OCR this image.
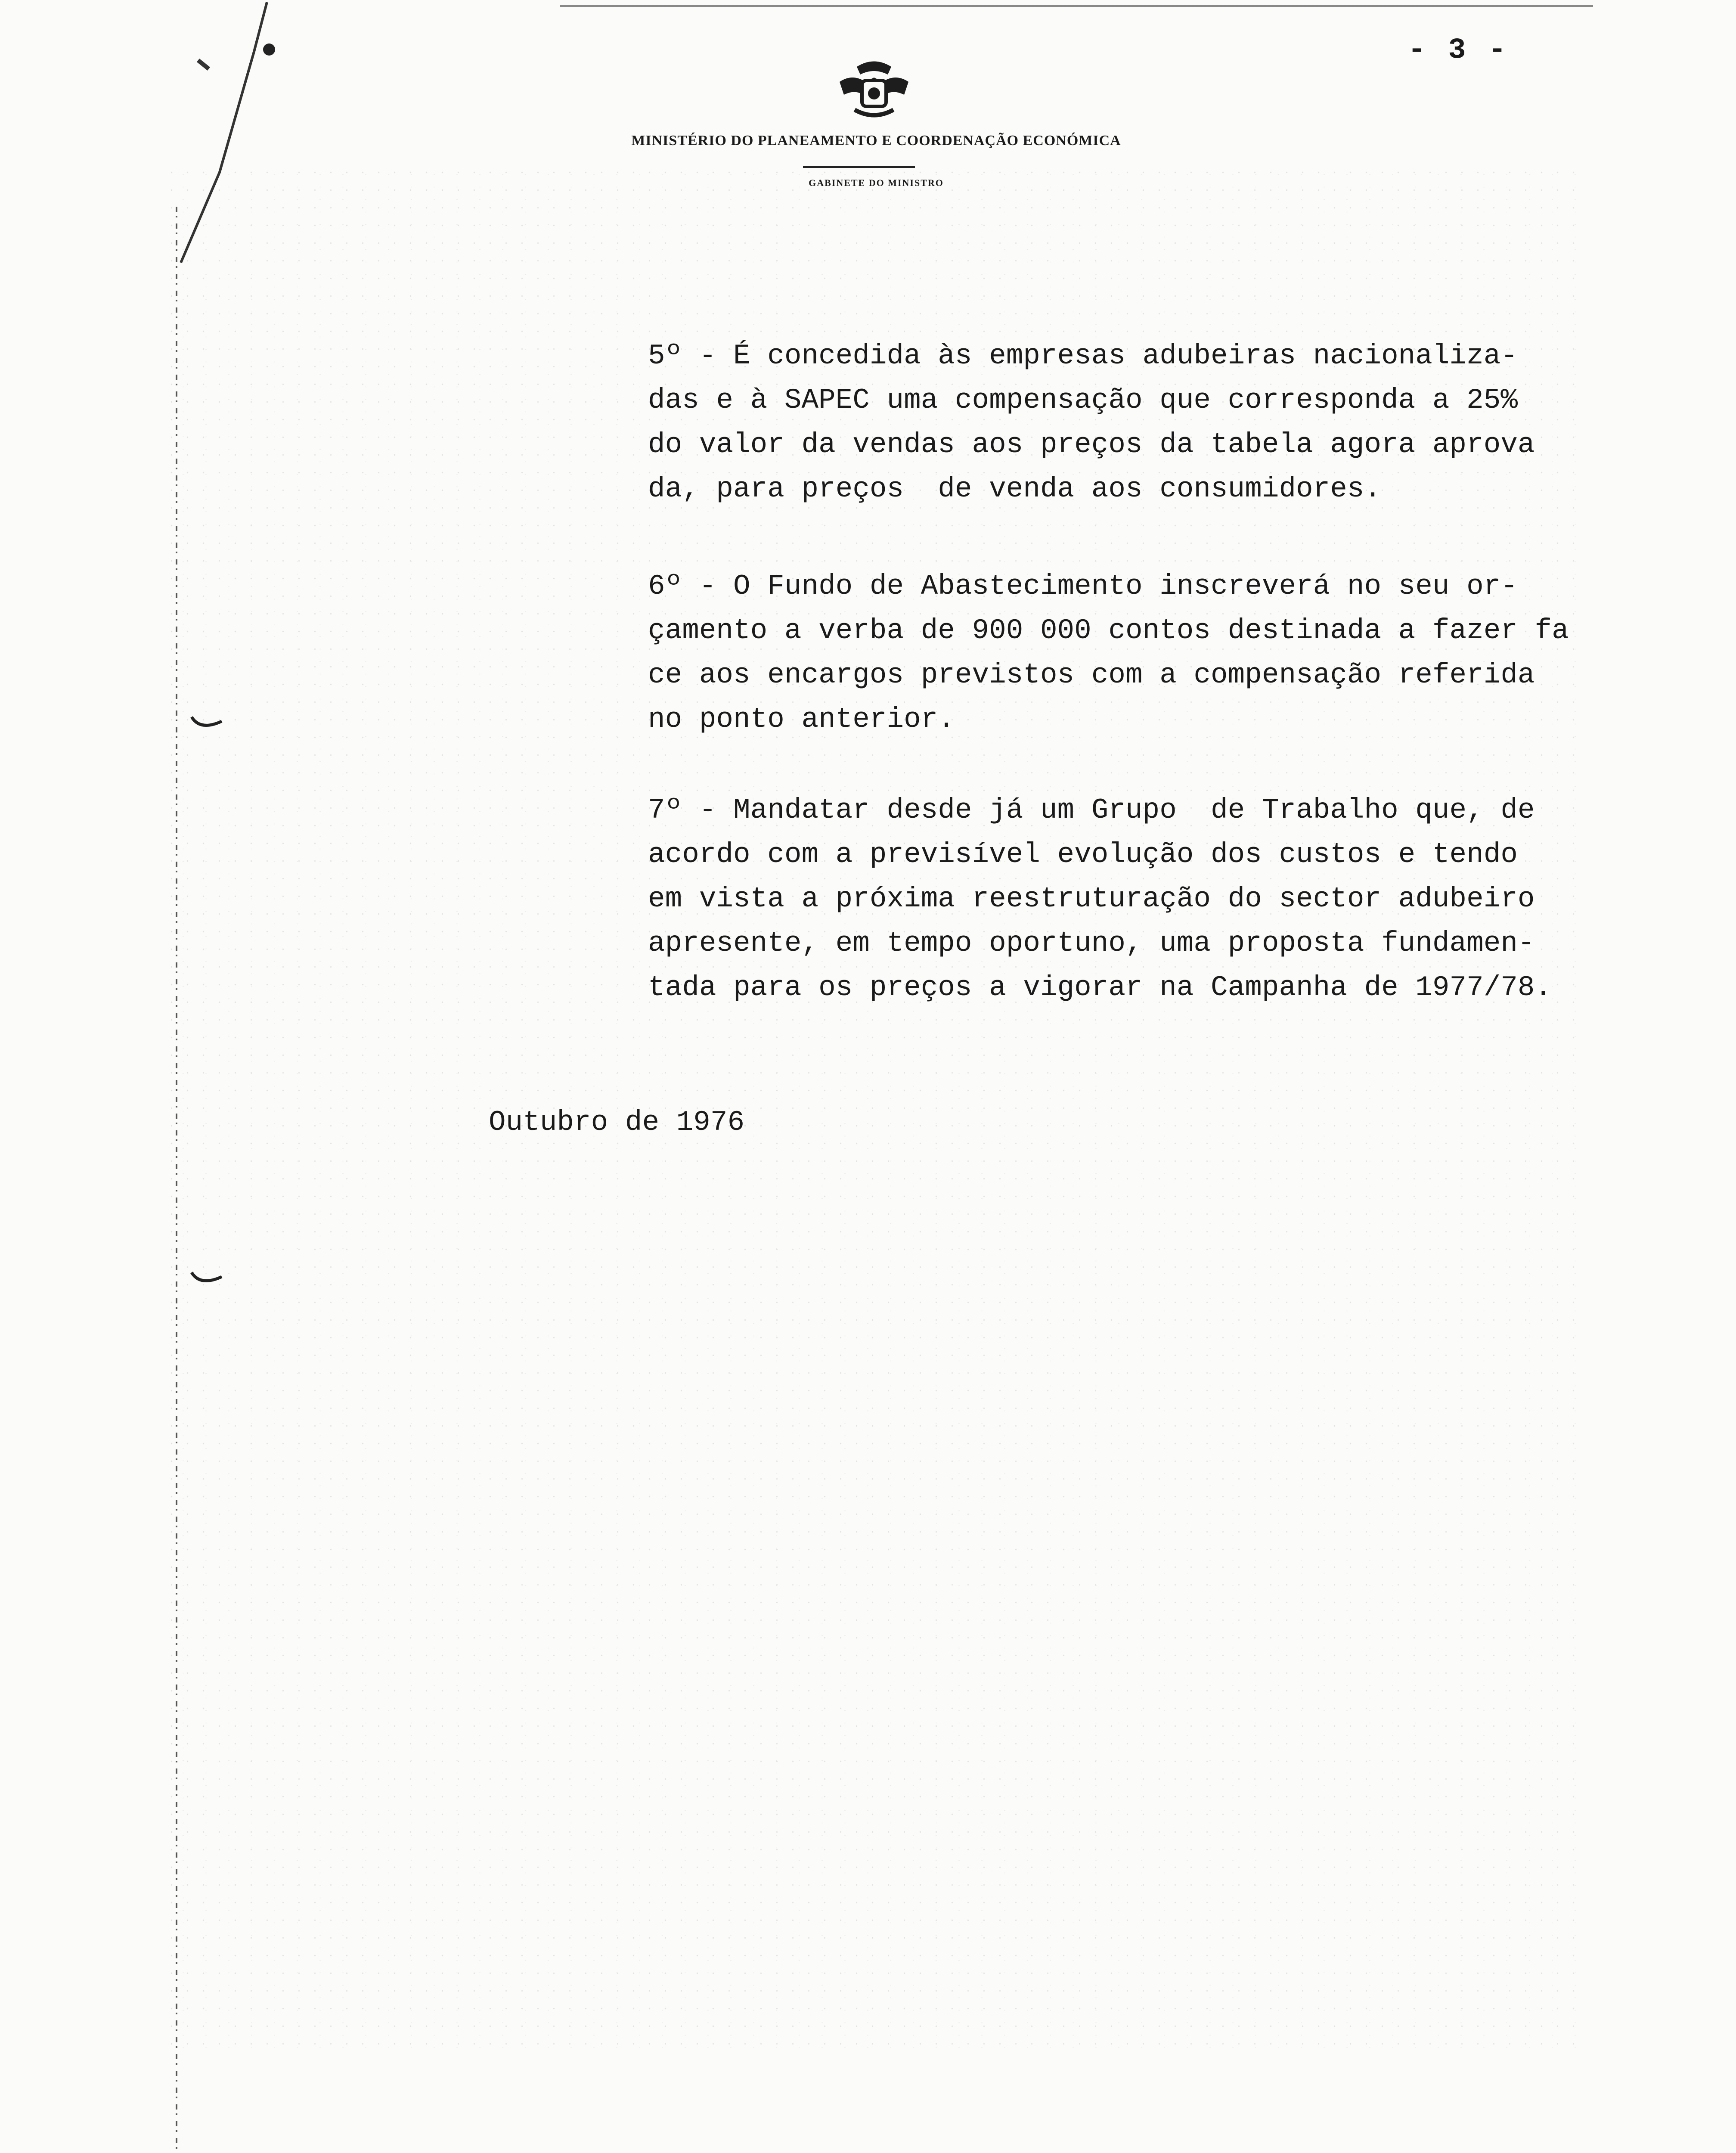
- 3 -
MINISTÉRIO DO PLANEAMENTO E COORDENAÇÃO ECONÓMICA
GABINETE DO MINISTRO
5º - É concedida às empresas adubeiras nacionaliza-
das e à SAPEC uma compensação que corresponda a 25%
do valor da vendas aos preços da tabela agora aprova
da, para preços  de venda aos consumidores.
6º - O Fundo de Abastecimento inscreverá no seu or-
çamento a verba de 900 000 contos destinada a fazer fa
ce aos encargos previstos com a compensação referida
no ponto anterior.
7º - Mandatar desde já um Grupo  de Trabalho que, de
acordo com a previsível evolução dos custos e tendo
em vista a próxima reestruturação do sector adubeiro
apresente, em tempo oportuno, uma proposta fundamen-
tada para os preços a vigorar na Campanha de 1977/78.
Outubro de 1976
